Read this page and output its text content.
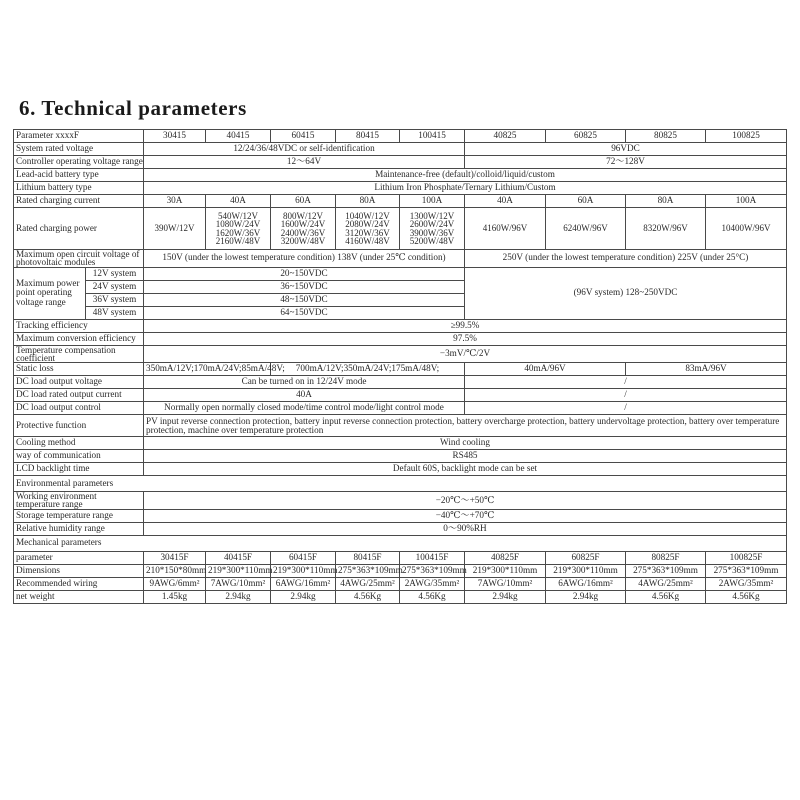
6. Technical parameters
Parameter xxxxF		30415	40415	60415	80415	100415	40825	60825	80825	100825
System rated voltage		12/24/36/48VDC or self-identification					96VDC			
Controller operating voltage range		12～64V					72～128V			
Lead-acid battery type		Maintenance-free (default)/colloid/liquid/custom								
Lithium battery type		Lithium Iron Phosphate/Ternary Lithium/Custom								
Rated charging current		30A	40A	60A	80A	100A	40A	60A	80A	100A
Rated charging power		390W/12V	540W/12V
1080W/24V
1620W/36V
2160W/48V	800W/12V
1600W/24V
2400W/36V
3200W/48V	1040W/12V
2080W/24V
3120W/36V
4160W/48V	1300W/12V
2600W/24V
3900W/36V
5200W/48V	4160W/96V	6240W/96V	8320W/96V	10400W/96V

Maximum open circuit voltage of photovoltaic modules		150V (under the lowest temperature condition) 138V (under 25℃ condition)					250V (under the lowest temperature condition) 225V (under 25°C)			
Maximum power point operating voltage range	12V system	20~150VDC					(96V system) 128~250VDC			
	24V system	36~150VDC								
	36V system	48~150VDC								
	48V system	64~150VDC								
Tracking efficiency		≥99.5%								
Maximum conversion efficiency		97.5%								

Temperature compensation coefficient		−3mV/℃/2V								
Static loss		350mA/12V;170mA/24V;85mA/48V;		700mA/12V;350mA/24V;175mA/48V;			40mA/96V		83mA/96V	
DC load output voltage		Can be turned on in 12/24V mode					/			
DC load rated output current		40A					/			
DC load output control		Normally open normally closed mode/time control mode/light control mode					/			
Protective function		PV input reverse connection protection, battery input reverse connection protection, battery overcharge protection, battery undervoltage protection, battery over temperature protection, machine over temperature protection								

Cooling method		Wind cooling								
way of communication		RS485								
LCD backlight time		Default 60S, backlight mode can be set								
Environmental parameters										

Working environment temperature range		−20℃～+50℃								
Storage temperature range		−40℃～+70℃								
Relative humidity range		0～90%RH								
Mechanical parameters										
parameter		30415F	40415F	60415F	80415F	100415F	40825F	60825F	80825F	100825F
Dimensions		210*150*80mm	219*300*110mm	219*300*110mm	275*363*109mm	275*363*109mm	219*300*110mm	219*300*110mm	275*363*109mm	275*363*109mm
Recommended wiring		9AWG/6mm²	7AWG/10mm²	6AWG/16mm²	4AWG/25mm²	2AWG/35mm²	7AWG/10mm²	6AWG/16mm²	4AWG/25mm²	2AWG/35mm²
net weight		1.45kg	2.94kg	2.94kg	4.56Kg	4.56Kg	2.94kg	2.94kg	4.56Kg	4.56Kg
